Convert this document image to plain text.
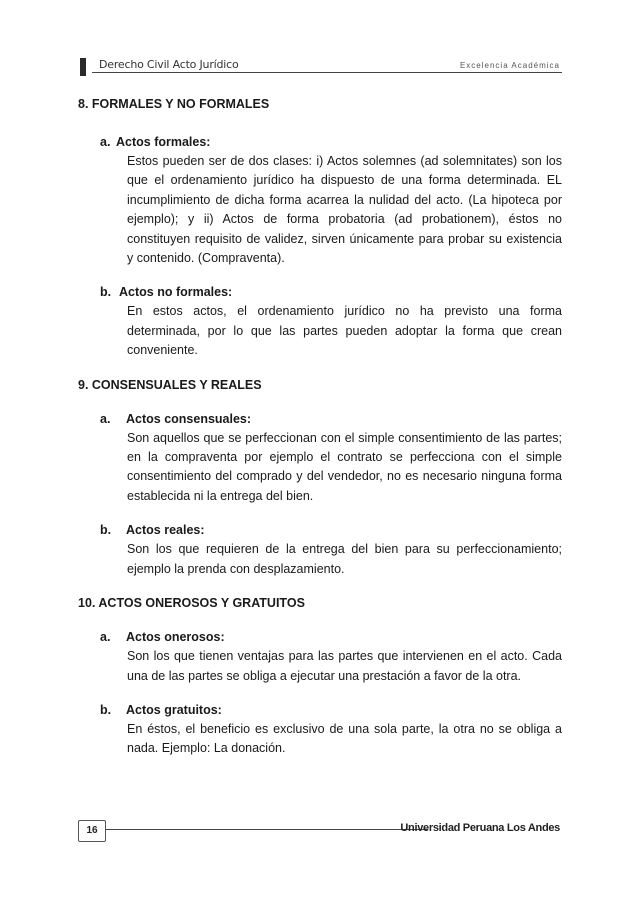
Derecho Civil Acto Jurídico	Excelencia Académica

8. FORMALES Y NO FORMALES

a. Actos formales:
Estos pueden ser de dos clases: i) Actos solemnes (ad solemnitates) son los que el ordenamiento jurídico ha dispuesto de una forma determinada. EL incumplimiento de dicha forma acarrea la nulidad del acto. (La hipoteca por ejemplo); y ii) Actos de forma probatoria (ad probationem), éstos no constituyen requisito de validez, sirven únicamente para probar su existencia y contenido. (Compraventa).
b. Actos no formales:
En estos actos, el ordenamiento jurídico no ha previsto una forma determinada, por lo que las partes pueden adoptar la forma que crean conveniente.

9. CONSENSUALES Y REALES

a.	Actos consensuales:
Son aquellos que se perfeccionan con el simple consentimiento de las partes; en la compraventa por ejemplo el contrato se perfecciona con el simple consentimiento del comprado y del vendedor, no es necesario ninguna forma establecida ni la entrega del bien.
b.	Actos reales:
Son los que requieren de la entrega del bien para su perfeccionamiento; ejemplo la prenda con desplazamiento.

10. ACTOS ONEROSOS Y GRATUITOS

a.	Actos onerosos:
Son los que tienen ventajas para las partes que intervienen en el acto. Cada una de las partes se obliga a ejecutar una prestación a favor de la otra.
b.	Actos gratuitos:
En éstos, el beneficio es exclusivo de una sola parte, la otra no se obliga a nada. Ejemplo: La donación.
16	Universidad Peruana Los Andes
